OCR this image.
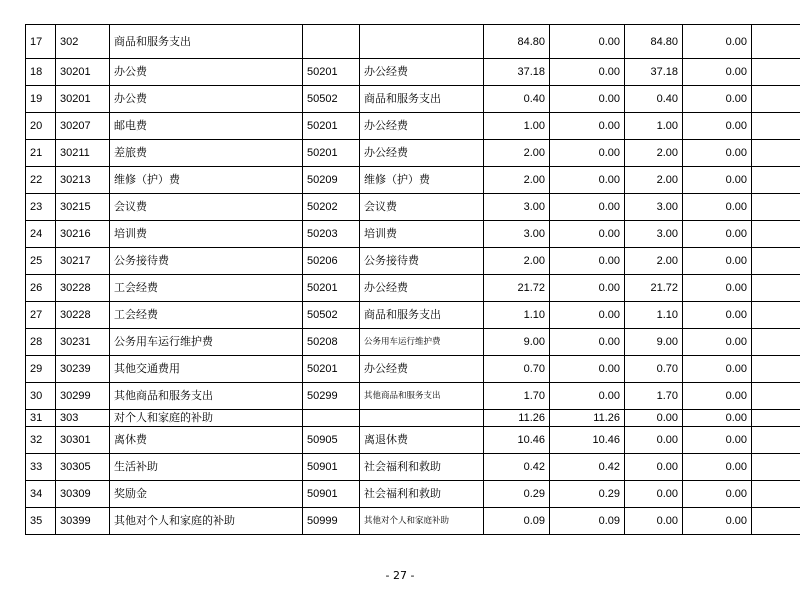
17	302	商品和服务支出			84.80	0.00	84.80	0.00	
18	30201	办公费	50201	办公经费	37.18	0.00	37.18	0.00	
19	30201	办公费	50502	商品和服务支出	0.40	0.00	0.40	0.00	
20	30207	邮电费	50201	办公经费	1.00	0.00	1.00	0.00	
21	30211	差旅费	50201	办公经费	2.00	0.00	2.00	0.00	
22	30213	维修（护）费	50209	维修（护）费	2.00	0.00	2.00	0.00	
23	30215	会议费	50202	会议费	3.00	0.00	3.00	0.00	
24	30216	培训费	50203	培训费	3.00	0.00	3.00	0.00	
25	30217	公务接待费	50206	公务接待费	2.00	0.00	2.00	0.00	
26	30228	工会经费	50201	办公经费	21.72	0.00	21.72	0.00	
27	30228	工会经费	50502	商品和服务支出	1.10	0.00	1.10	0.00	
28	30231	公务用车运行维护费	50208	公务用车运行维护费	9.00	0.00	9.00	0.00	
29	30239	其他交通费用	50201	办公经费	0.70	0.00	0.70	0.00	
30	30299	其他商品和服务支出	50299	其他商品和服务支出	1.70	0.00	1.70	0.00	
31	303	对个人和家庭的补助			11.26	11.26	0.00	0.00	
32	30301	离休费	50905	离退休费	10.46	10.46	0.00	0.00	
33	30305	生活补助	50901	社会福利和救助	0.42	0.42	0.00	0.00	
34	30309	奖励金	50901	社会福利和救助	0.29	0.29	0.00	0.00	
35	30399	其他对个人和家庭的补助	50999	其他对个人和家庭补助	0.09	0.09	0.00	0.00	
- 27 -
